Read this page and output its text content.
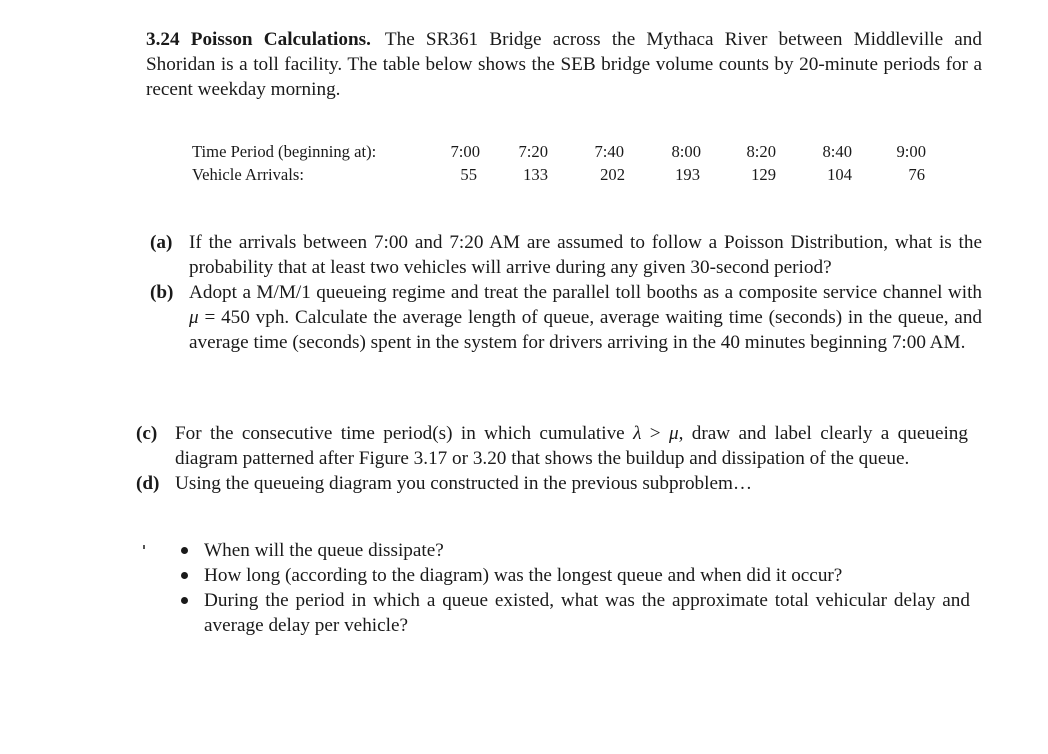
3.24 Poisson Calculations. The SR361 Bridge across the Mythaca River between Middleville and Shoridan is a toll facility. The table below shows the SEB bridge volume counts by 20-minute periods for a recent weekday morning.
Time Period (beginning at):	7:00	7:20	7:40	8:00	8:20	8:40	9:00
Vehicle Arrivals:	55	133	202	193	129	104	76
(a) If the arrivals between 7:00 and 7:20 AM are assumed to follow a Poisson Distribution, what is the probability that at least two vehicles will arrive during any given 30-second period?
(b) Adopt a M/M/1 queueing regime and treat the parallel toll booths as a composite service channel with μ = 450 vph. Calculate the average length of queue, average waiting time (seconds) in the queue, and average time (seconds) spent in the system for drivers arriving in the 40 minutes beginning 7:00 AM.
(c) For the consecutive time period(s) in which cumulative λ > μ, draw and label clearly a queueing diagram patterned after Figure 3.17 or 3.20 that shows the buildup and dissipation of the queue.
(d) Using the queueing diagram you constructed in the previous subproblem…
When will the queue dissipate?
How long (according to the diagram) was the longest queue and when did it occur?
During the period in which a queue existed, what was the approximate total vehicular delay and average delay per vehicle?
